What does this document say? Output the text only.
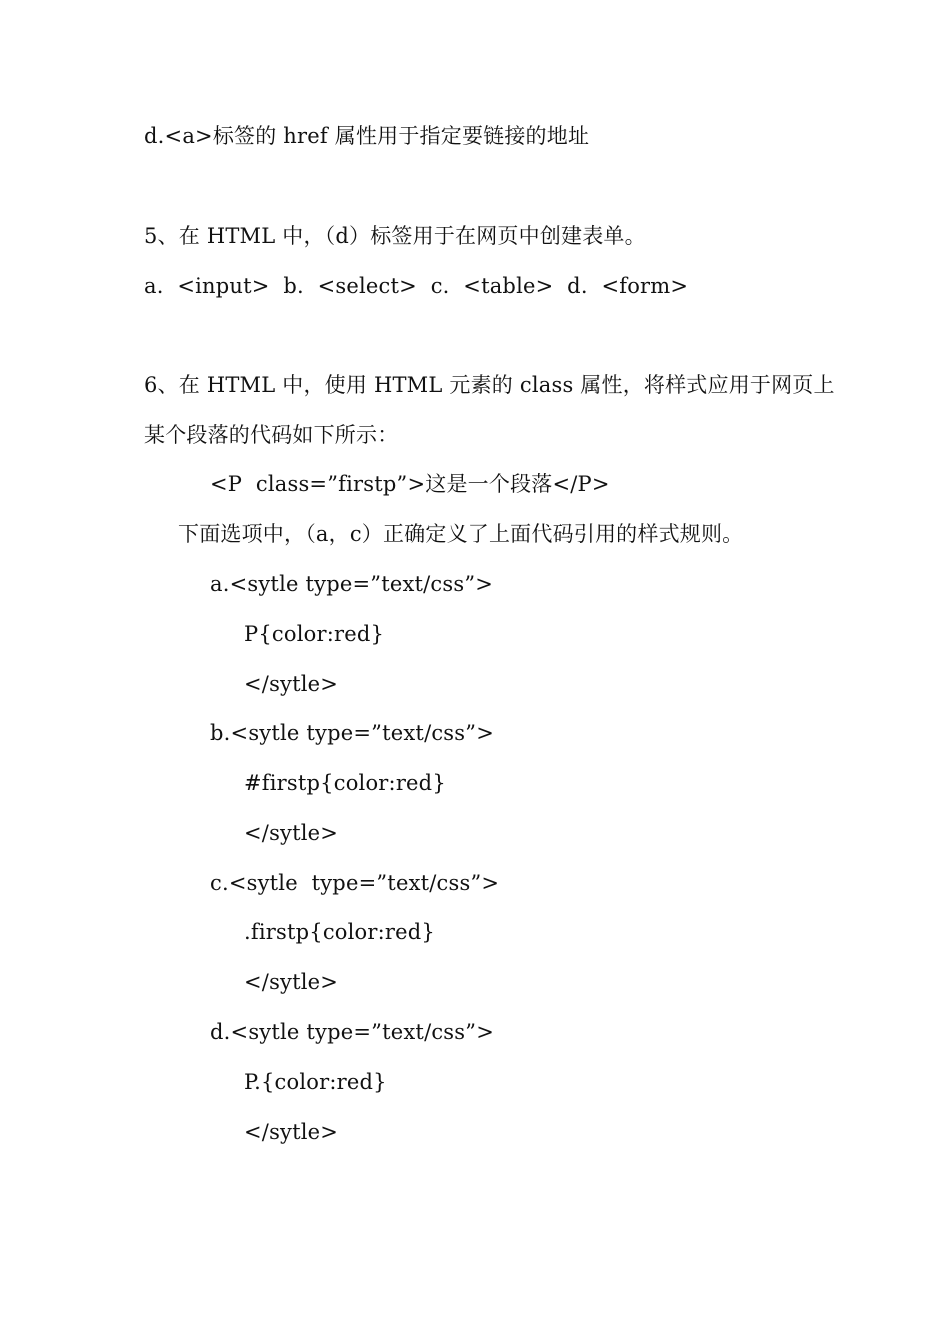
d.<a>标签的 href 属性用于指定要链接的地址
5、在 HTML 中，（d）标签用于在网页中创建表单。
a.  <input>  b.  <select>  c.  <table>  d.  <form>
6、在 HTML 中，使用 HTML 元素的 class 属性，将样式应用于网页上
某个段落的代码如下所示：
<P  class=”firstp”>这是一个段落</P>
下面选项中，（a，c）正确定义了上面代码引用的样式规则。
a.<sytle type=”text/css”>
P{color:red}
</sytle>
b.<sytle type=”text/css”>
#firstp{color:red}
</sytle>
c.<sytle  type=”text/css”>
.firstp{color:red}
</sytle>
d.<sytle type=”text/css”>
P.{color:red}
</sytle>
